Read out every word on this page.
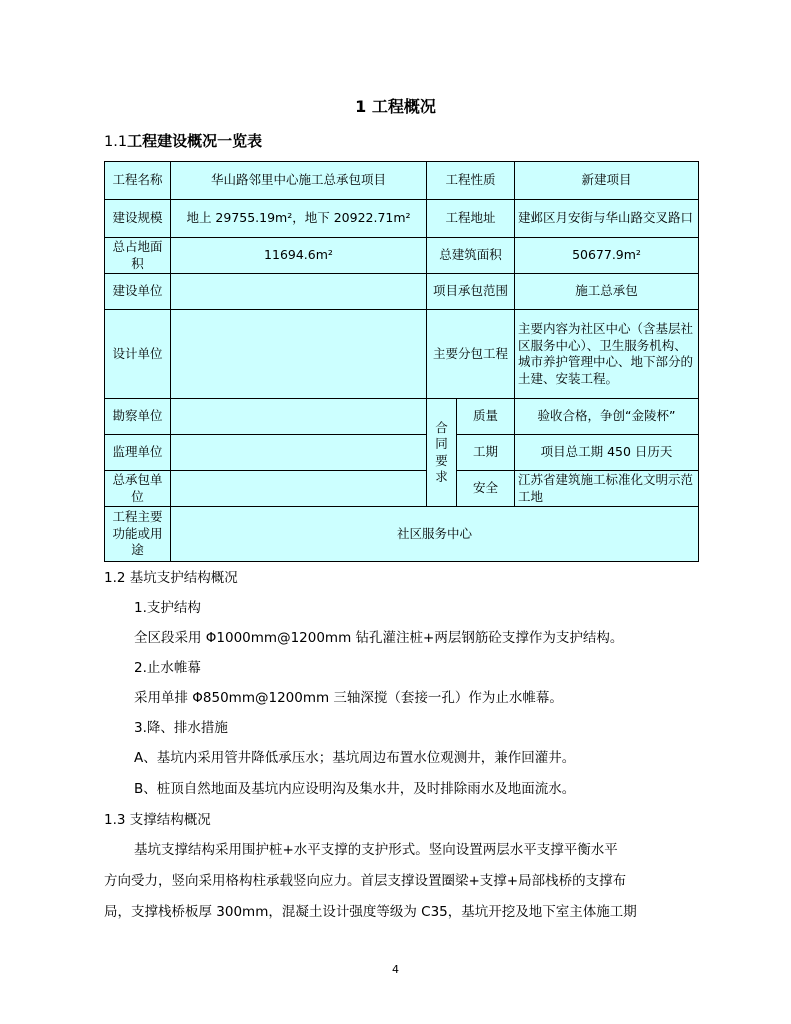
1 工程概况
1.1工程建设概况一览表
工程名称	华山路邻里中心施工总承包项目	工程性质		新建项目
建设规模	地上 29755.19m²，地下 20922.71m²	工程地址		建邺区月安街与华山路交叉路口
总占地面积	11694.6m²	总建筑面积		50677.9m²
建设单位		项目承包范围		施工总承包
设计单位		主要分包工程		主要内容为社区中心（含基层社区服务中心）、卫生服务机构、城市养护管理中心、地下部分的土建、安装工程。
勘察单位		合同要求	质量	验收合格，争创“金陵杯”
监理单位			工期	项目总工期 450 日历天
总承包单位			安全	江苏省建筑施工标准化文明示范工地
工程主要功能或用途	社区服务中心			
1.2 基坑支护结构概况
1.支护结构
全区段采用 Φ1000mm@1200mm 钻孔灌注桩+两层钢筋砼支撑作为支护结构。
2.止水帷幕
采用单排 Φ850mm@1200mm 三轴深搅（套接一孔）作为止水帷幕。
3.降、排水措施
A、基坑内采用管井降低承压水；基坑周边布置水位观测井，兼作回灌井。
B、桩顶自然地面及基坑内应设明沟及集水井，及时排除雨水及地面流水。
1.3 支撑结构概况
基坑支撑结构采用围护桩+水平支撑的支护形式。竖向设置两层水平支撑平衡水平
方向受力，竖向采用格构柱承载竖向应力。首层支撑设置圈梁+支撑+局部栈桥的支撑布
局，支撑栈桥板厚 300mm，混凝土设计强度等级为 C35，基坑开挖及地下室主体施工期
4
